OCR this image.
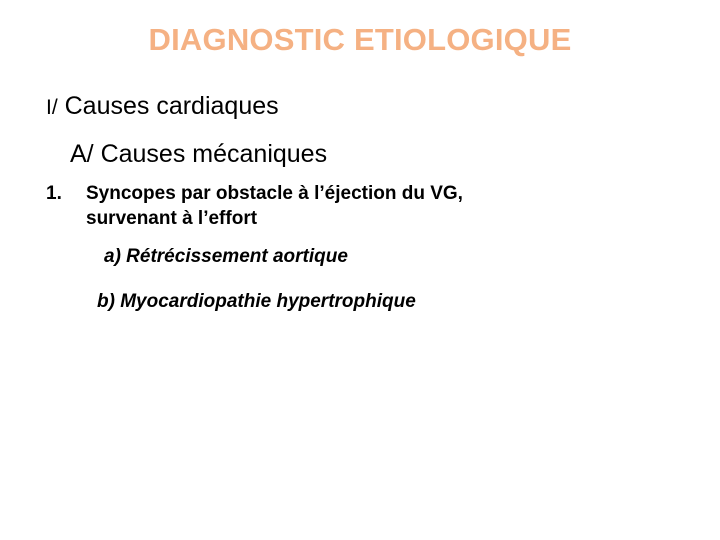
DIAGNOSTIC ETIOLOGIQUE

I/ Causes cardiaques

A/ Causes mécaniques

1. Syncopes par obstacle à l’éjection du VG,

survenant à l’effort

a) Rétrécissement aortique

b) Myocardiopathie hypertrophique
